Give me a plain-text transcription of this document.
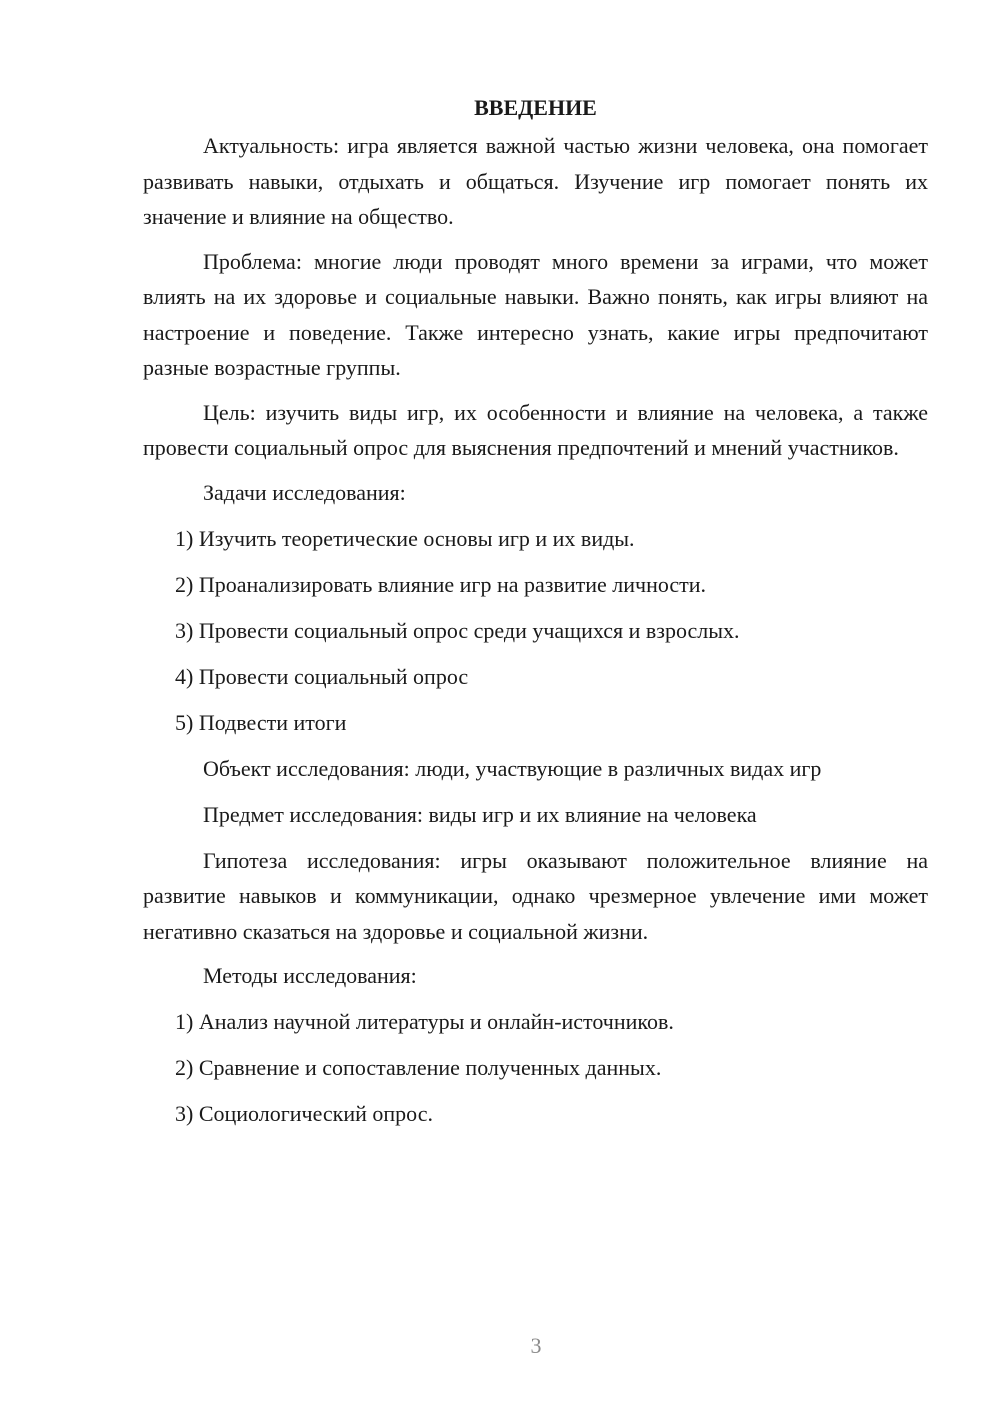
ВВЕДЕНИЕ

Актуальность: игра является важной частью жизни человека, она помогает развивать навыки, отдыхать и общаться. Изучение игр помогает понять их значение и влияние на общество.

Проблема: многие люди проводят много времени за играми, что может влиять на их здоровье и социальные навыки. Важно понять, как игры влияют на настроение и поведение. Также интересно узнать, какие игры предпочитают разные возрастные группы.

Цель: изучить виды игр, их особенности и влияние на человека, а также провести социальный опрос для выяснения предпочтений и мнений участников.

Задачи исследования:
1) Изучить теоретические основы игр и их виды.
2) Проанализировать влияние игр на развитие личности.
3) Провести социальный опрос среди учащихся и взрослых.
4) Провести социальный опрос
5) Подвести итоги
Объект исследования: люди, участвующие в различных видах игр
Предмет исследования: виды игр и их влияние на человека

Гипотеза исследования: игры оказывают положительное влияние на развитие навыков и коммуникации, однако чрезмерное увлечение ими может негативно сказаться на здоровье и социальной жизни.

Методы исследования:
1) Анализ научной литературы и онлайн-источников.
2) Сравнение и сопоставление полученных данных.
3) Социологический опрос.
3
